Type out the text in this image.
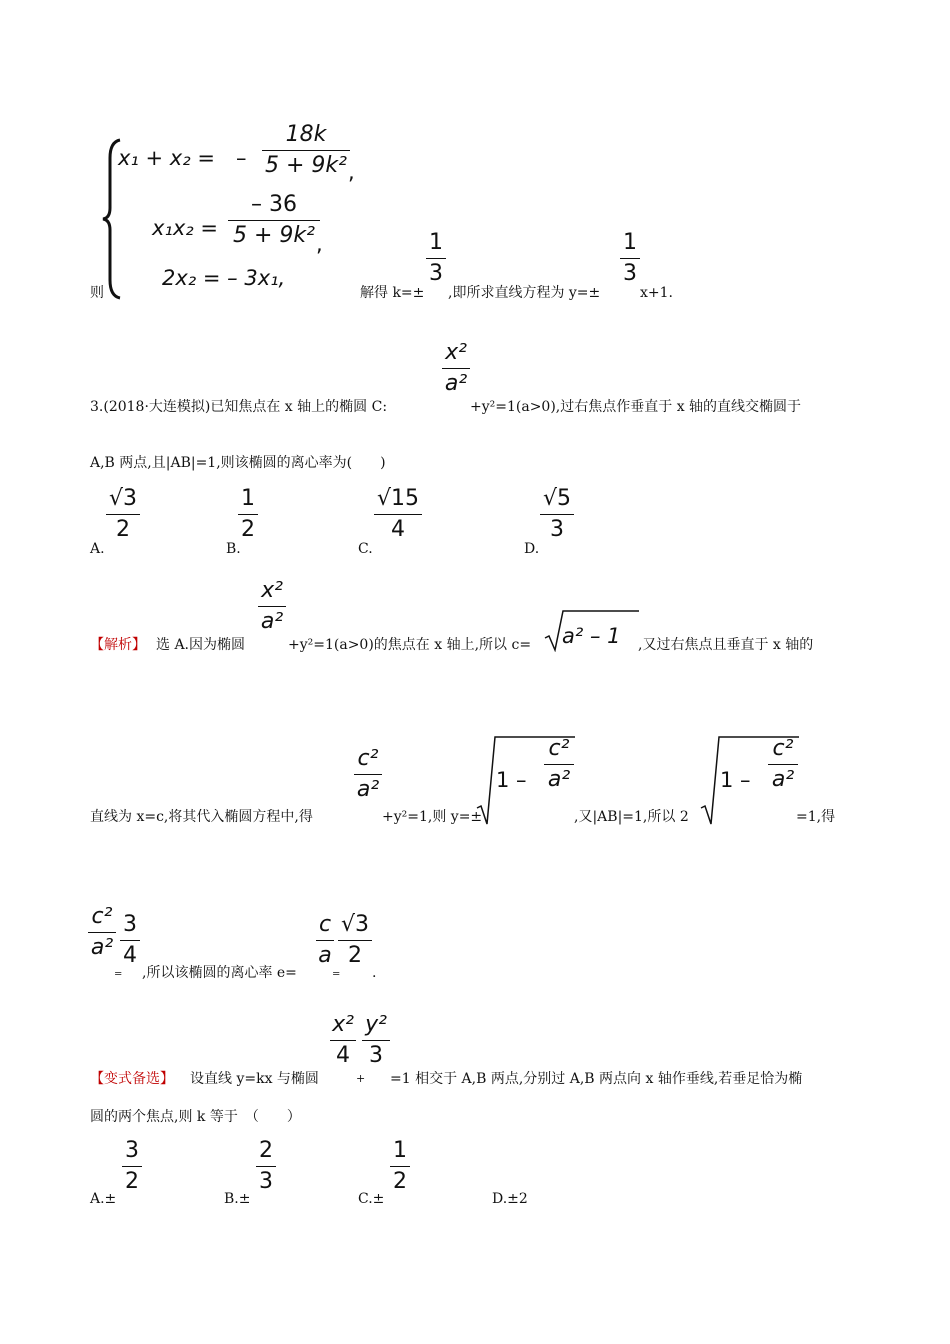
则
x₁ + x₂ = –
18k
5 + 9k² ,
x₁x₂ =
– 36
5 + 9k² ,
2x₂ = – 3x₁,
解得 k=±
1
3
,即所求直线方程为 y=±
1
3
x+1.
3.(2018·大连模拟)已知焦点在 x 轴上的椭圆 C:
x²
a²
+y²=1(a>0),过右焦点作垂直于 x 轴的直线交椭圆于
A,B 两点,且|AB|=1,则该椭圆的离心率为(　　)
A.
√3
2
B.
1
2
C.
√15
4
D.
√5
3
【解析】 选 A.因为椭圆
x²
a²
+y²=1(a>0)的焦点在 x 轴上,所以 c= a² – 1 ,又过右焦点且垂直于 x 轴的
直线为 x=c,将其代入椭圆方程中,得
c²
a²
+y²=1,则 y=±
1 –
c²
a²
,又|AB|=1,所以 2
1 –
c²
a²
=1,得
c²
a²
=
3
4
,所以该椭圆的离心率 e=
c
a
=
√3
2
.
【变式备选】 设直线 y=kx 与椭圆
x²
4
+
y²
3
=1 相交于 A,B 两点,分别过 A,B 两点向 x 轴作垂线,若垂足恰为椭
圆的两个焦点,则 k 等于　（　　）
A.±
3
2
B.±
2
3
C.±
1
2
D.±2
